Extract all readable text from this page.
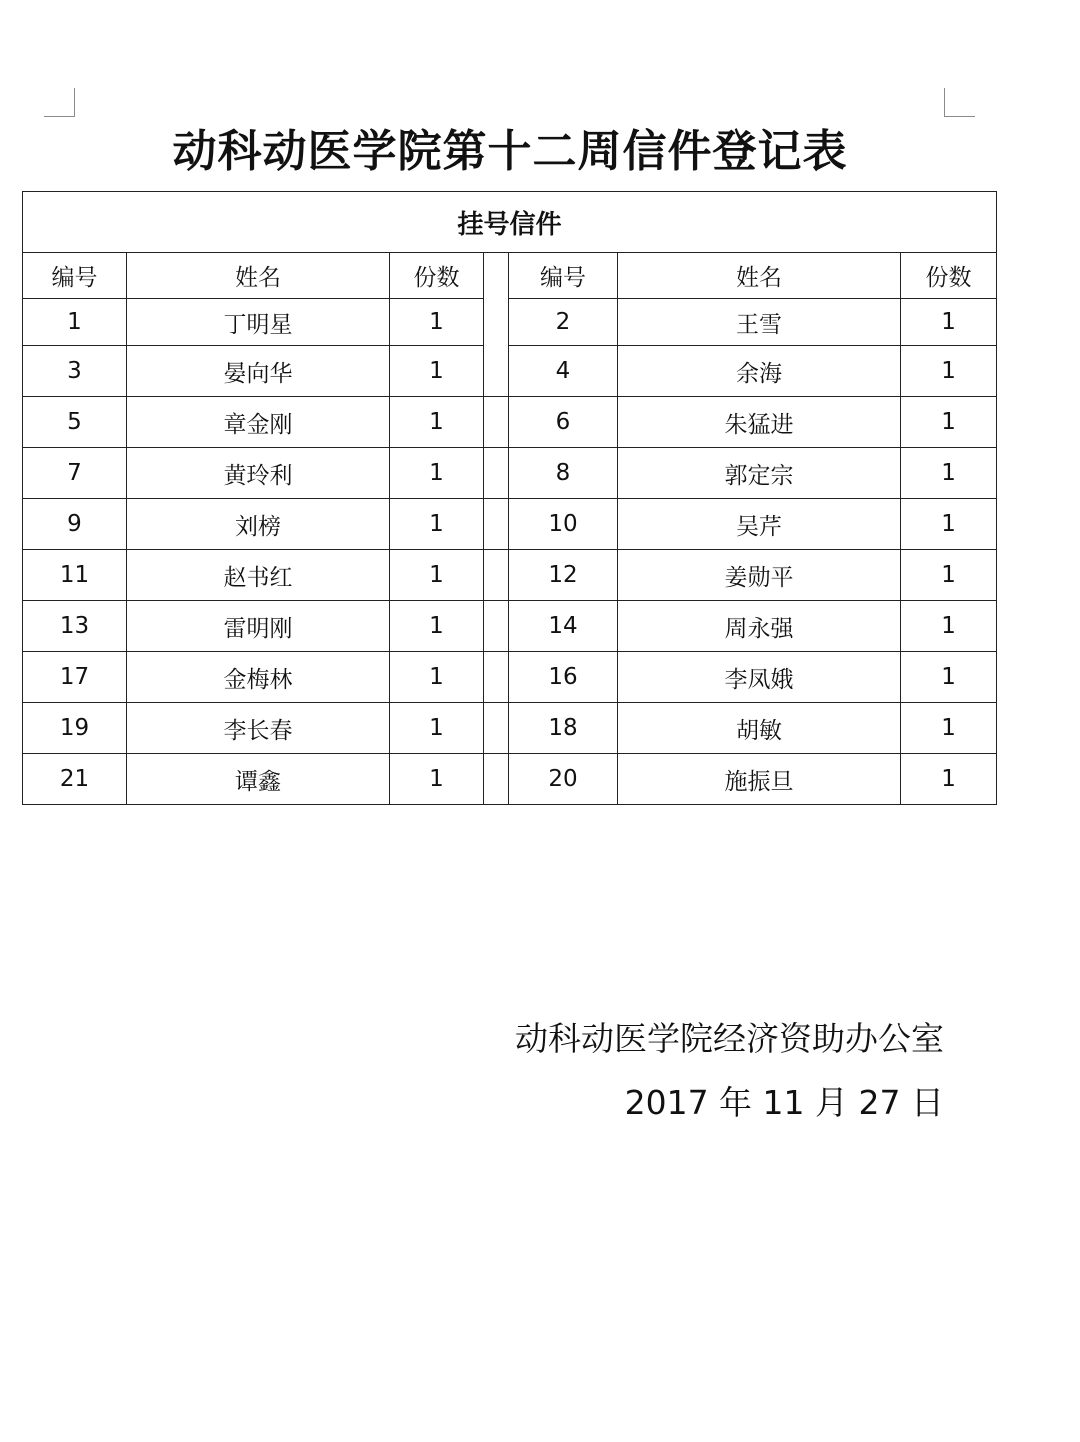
动科动医学院第十二周信件登记表
挂号信件						
编号	姓名	份数		编号	姓名	份数
1	丁明星	1		2	王雪	1
3	晏向华	1		4	余海	1
5	章金刚	1		6	朱猛进	1
7	黄玲利	1		8	郭定宗	1
9	刘榜	1		10	吴芹	1
11	赵书红	1		12	姜勋平	1
13	雷明刚	1		14	周永强	1
17	金梅林	1		16	李凤娥	1
19	李长春	1		18	胡敏	1
21	谭鑫	1		20	施振旦	1

动科动医学院经济资助办公室

2017 年 11 月 27 日
